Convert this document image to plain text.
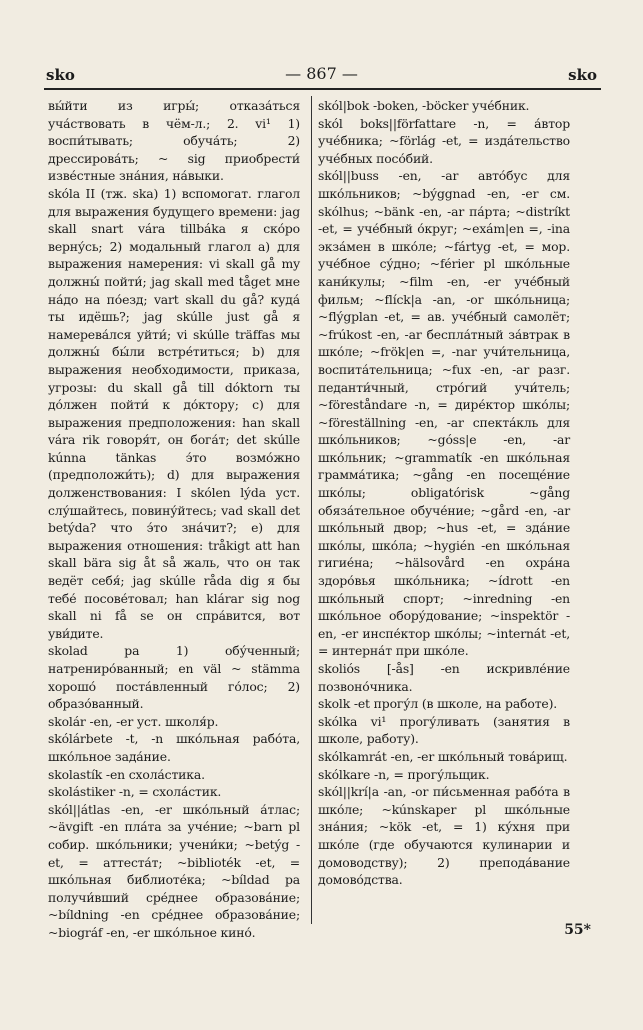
sko	— 867 —	sko

вы́йти из игры́; отказа́ться уча́ствовать в чём-л.; 2. vi¹ 1) воспи́тывать; обуча́ть; 2) дрессирова́ть; ~ sig приобрести́ изве́стные зна́ния, на́выки.

skóla II (тж. ska) 1) вспомогат. глагол для выражения будущего времени: jag skall snart vára tillbáka я ско́ро верну́сь; 2) модальный глагол а) для выражения намерения: vi skall gå my должны́ пойти́; jag skall med tåget мне на́до на по́езд; vart skall du gå? куда́ ты идёшь?; jag skúlle just gå я намерева́лся уйти́; vi skúlle träffas мы должны́ бы́ли встре́титься; b) для выражения необходимости, приказа, угрозы: du skall gå till dóktorn ты до́лжен пойти́ к до́ктору; c) для выражения предположения: han skall vára rik говоря́т, он бога́т; det skúlle kúnna tänkas э́то возмо́жно (предположи́ть); d) для выражения долженствования: I skólen lýda уст. слу́шайтесь, повину́йтесь; vad skall det betýda? что э́то зна́чит?; e) для выражения отношения: tråkigt att han skall bära sig åt så жаль, что он так ведёт себя́; jag skúlle råda dig я бы тебе́ посове́товал; han klárar sig nog skall ni få se он спра́вится, вот уви́дите.

skolad pa 1) обу́ченный; натрениро́ванный; en väl ~ stämma хорошо́ поста́вленный го́лос; 2) образо́ванный.

skolár -en, -er уст. школя́р.

skólárbete -t, -n шко́льная рабо́та, шко́льное зада́ние.

skolastík -en схола́стика.

skolástiker -n, = схола́стик.

skól||átlas -en, -er шко́льный а́тлас; ~ävgift -en пла́та за уче́ние; ~barn pl собир. шко́льники; учени́ки; ~betýg -et, = аттеста́т; ~biblioték -et, = шко́льная библиоте́ка; ~bíldad pa получи́вший сре́днее образова́ние; ~bíldning -en сре́днее образова́ние; ~biográf -en, -er шко́льное кино́.

skól|bok -boken, -böcker уче́бник.

skól boks||författare -n, = а́втор уче́бника; ~förlág -et, = изда́тельство уче́бных посо́бий.

skól||buss -en, -ar авто́бус для шко́льников; ~býggnad -en, -er см. skólhus; ~bänk -en, -ar па́рта; ~distríkt -et, = уче́бный о́круг; ~exám|en =, -ina экза́мен в шко́ле; ~fártyg -et, = мор. уче́бное су́дно; ~férier pl шко́льные кани́кулы; ~film -en, -er уче́бный фильм; ~flíck|a -an, -or шко́льница; ~flýgplan -et, = ав. уче́бный самолёт; ~frúkost -en, -ar беспла́тный за́втрак в шко́ле; ~frök|en =, -nar учи́тельница, воспита́тельница; ~fux -en, -ar разг. педанти́чный, стро́гий учи́тель; ~föreståndare -n, = дире́ктор шко́лы; ~föreställning -en, -ar спекта́кль для шко́льников; ~góss|e -en, -ar шко́льник; ~grammatík -en шко́льная грамма́тика; ~gång -en посеще́ние шко́лы; obligatórisk ~gång обяза́тельное обуче́ние; ~gård -en, -ar шко́льный двор; ~hus -et, = зда́ние шко́лы, шко́ла; ~hygién -en шко́льная гигие́на; ~hälsovård -en охра́на здоро́вья шко́льника; ~ídrott -en шко́льный спорт; ~inredning -en шко́льное обору́дование; ~inspektör -en, -er инспе́ктор шко́лы; ~internát -et, = интерна́т при шко́ле.

skoliós [-ås] -en искривле́ние позвоно́чника.

skolk -et прогу́л (в школе, на работе).

skólka vi¹ прогу́ливать (занятия в школе, работу).

skólkamrát -en, -er шко́льный това́рищ.

skólkare -n, = прогу́льщик.

skól||krí|a -an, -or пи́сьменная рабо́та в шко́ле; ~kúnskaper pl шко́льные зна́ния; ~kök -et, = 1) ку́хня при шко́ле (где обучаются кулинарии и домоводству); 2) препода́вание домово́дства.

55*
